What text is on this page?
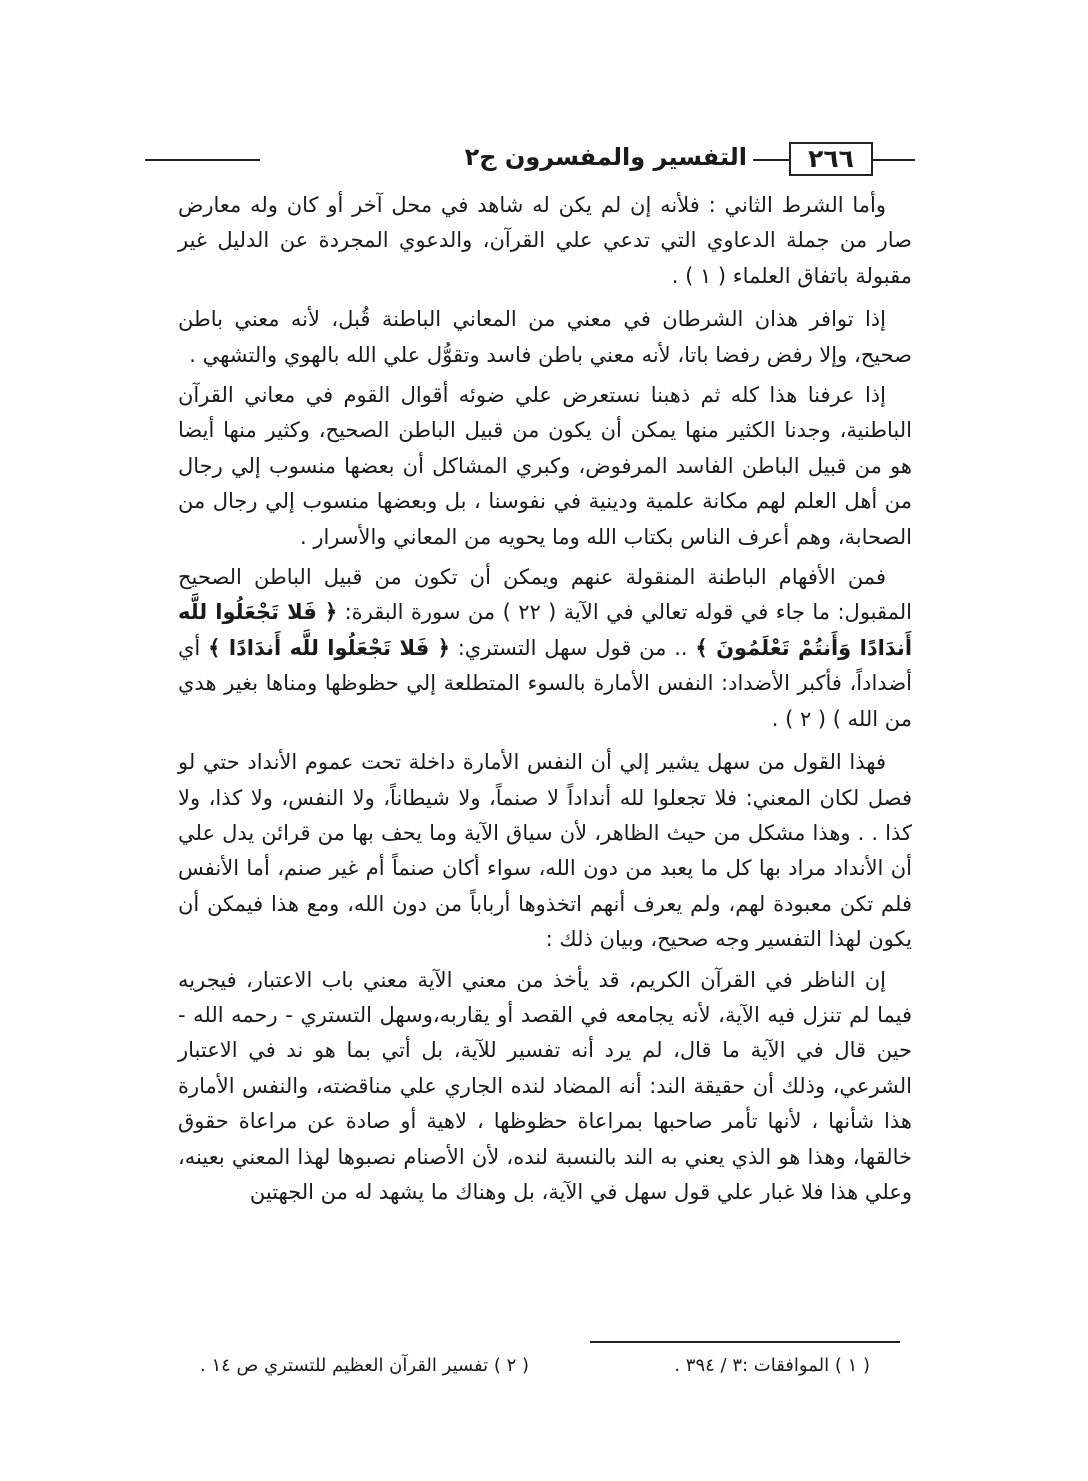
٢٦٦
التفسير والمفسرون ج٢

وأما الشرط الثاني : فلأنه إن لم يكن له شاهد في محل آخر أو كان وله معارض صار من جملة الدعاوي التي تدعي علي القرآن، والدعوي المجردة عن الدليل غير مقبولة باتفاق العلماء ( ١ ) .

إذا توافر هذان الشرطان في معني من المعاني الباطنة قُبل، لأنه معني باطن صحيح، وإلا رفض رفضا باتا، لأنه معني باطن فاسد وتقوُّل علي الله بالهوي والتشهي .

إذا عرفنا هذا كله ثم ذهبنا نستعرض علي ضوئه أقوال القوم في معاني القرآن الباطنية، وجدنا الكثير منها يمكن أن يكون من قبيل الباطن الصحيح، وكثير منها أيضا هو من قبيل الباطن الفاسد المرفوض، وكبري المشاكل أن بعضها منسوب إلي رجال من أهل العلم لهم مكانة علمية ودينية في نفوسنا ، بل وبعضها منسوب إلي رجال من الصحابة، وهم أعرف الناس بكتاب الله وما يحويه من المعاني والأسرار .

فمن الأفهام الباطنة المنقولة عنهم ويمكن أن تكون من قبيل الباطن الصحيح المقبول: ما جاء في قوله تعالي في الآية ( ٢٢ ) من سورة البقرة: ﴿ فَلا تَجْعَلُوا للَّه أَندَادًا وَأَنتُمْ تَعْلَمُونَ ﴾ .. من قول سهل التستري: ﴿ فَلا تَجْعَلُوا للَّه أَندَادًا ﴾ أي أضداداً، فأكبر الأضداد: النفس الأمارة بالسوء المتطلعة إلي حظوظها ومناها بغير هدي من الله ) ( ٢ ) .

فهذا القول من سهل يشير إلي أن النفس الأمارة داخلة تحت عموم الأنداد حتي لو فصل لكان المعني: فلا تجعلوا لله أنداداً لا صنماً، ولا شيطاناً، ولا النفس، ولا كذا، ولا كذا . . وهذا مشكل من حيث الظاهر، لأن سياق الآية وما يحف بها من قرائن يدل علي أن الأنداد مراد بها كل ما يعبد من دون الله، سواء أكان صنماً أم غير صنم، أما الأنفس فلم تكن معبودة لهم، ولم يعرف أنهم اتخذوها أرباباً من دون الله، ومع هذا فيمكن أن يكون لهذا التفسير وجه صحيح، وبيان ذلك :

إن الناظر في القرآن الكريم، قد يأخذ من معني الآية معني باب الاعتبار، فيجريه فيما لم تنزل فيه الآية، لأنه يجامعه في القصد أو يقاربه،وسهل التستري - رحمه الله - حين قال في الآية ما قال، لم يرد أنه تفسير للآية، بل أتي بما هو ند في الاعتبار الشرعي، وذلك أن حقيقة الند: أنه المضاد لنده الجاري علي مناقضته، والنفس الأمارة هذا شأنها ، لأنها تأمر صاحبها بمراعاة حظوظها ، لاهية أو صادة عن مراعاة حقوق خالقها، وهذا هو الذي يعني به الند بالنسبة لنده، لأن الأصنام نصبوها لهذا المعني بعينه، وعلي هذا فلا غبار علي قول سهل في الآية، بل وهناك ما يشهد له من الجهتين

( ١ ) الموافقات :٣ / ٣٩٤ .
( ٢ ) تفسير القرآن العظيم للتستري ص ١٤ .
